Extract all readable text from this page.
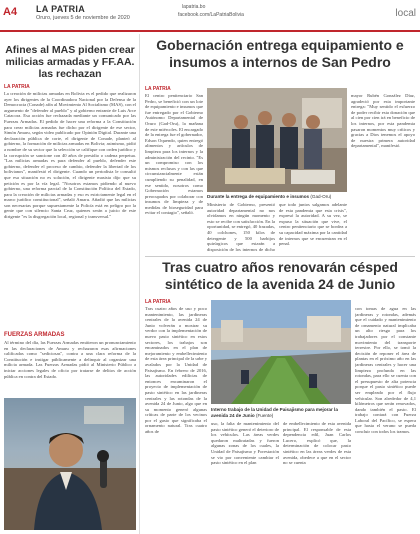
A4 LA PATRIA
Oruro, jueves 5 de noviembre de 2020
lapatria.bo
facebook.com/LaPatriaBolivia	local
Afines al MAS piden crear milicias armadas y FF.AA. las rechazan
LA PATRIA
La creación de milicias armadas en Bolivia es el pedido que realizaron ayer los dirigentes de la Coordinadora Nacional por la Defensa de la Democracia (Conade) afín al Movimiento Al Socialismo (MAS), con el argumento de "defender al pueblo" y al gobierno entrante de Luis Arce Catacora. Esa acción fue rechazada mediante un comunicado por las Fuerzas Armadas. El pedido de hacer una reforma a la Constitución para crear milicias armadas fue dicho por el dirigente de ese sector, Simón Amaru, según video publicado por Opinión Digital. Durante una declaración pública de corte, el dirigente de Conade, planteó al gobierno, la formación de milicias armadas en Bolivia; asimismo, pidió a nombre de su sector que la selección se califique con orden jurídico y la corrupción se sancione con 40 años de presidio o cadena perpetua. "Las milicias armadas es para defender al pueblo, defender este gobierno, defender el proceso de cambio, defender la libertad de los bolivianos", manifestó el dirigente. Cuando un periodista le consultó que esa situación no es solución, el dirigente masista dijo que su petición es por la vía legal. "Nosotros estamos pidiendo al nuevo gobierno, una reforma parcial de la Constitución Política del Estado, para la creación de milicias armadas y eso es estrictamente legal en el marco jurídico constitucional", señaló Amaru. Añadió que las milicias son necesarias porque supuestamente la Policía está en peligro por la gente que con silencio Santa Cruz, quienes serán a juicio de este dirigente "es la disgregación local, regional y transversal."
FUERZAS ARMADAS
Al término del día, las Fuerzas Armadas emitieron un pronunciamiento en las declaraciones de Amaru y rechazaron esas afirmaciones calificadas como "sediciosas", contra a una clara reforma de la Constitución e instigar públicamente a delinquir al organizar una milicia armada. Las Fuerzas Armadas pidió al Ministerio Público a iniciar acciones legales de oficio por tratarse de delitos de acción pública en contra del Estado.
Gobernación entrega equipamiento e insumos a internos de San Pedro
LA PATRIA
El centro penitenciario San Pedro, se benefició con un lote de equipamiento e insumos que fue entregado por el Gobierno Autónomo Departamental de Oruro (Gad-Oru), la mañana de este miércoles. El encargado de la entrega fue el gobernador, Edson Oquendo, quien entregó alimentos y artículos de limpieza para los internos y la administración del recinto. "Es un compromiso con los mismos reclusos y con las que circunstancialmente están cumpliendo su penalidad, en ese sentido, nosotros como Gobernación estamos preocupados por colaborar con insumos de limpieza y de medidas de bioseguridad para evitar el contagio", señaló.
Durante la entrega de equipamiento e insumos (Gad-Oru)
Ministerio de Gobierno, presentó autoridad departamental no nos olvidamos en ningún momento y esto se recibe con satisfacción. En la oportunidad, se entregó, 40 frazadas, 40 colchones, 150 kilos de detergente y 500 barbijos quirúrgicos que estarán a disposición de los internos de dicho
que todo juntos salgamos adelante de esta pandemia que esta crisis", expresó la autoridad. A su vez, se expuso la situación que vive, el centro penitenciario que se bordea a su capacidad máxima por la cantidad de internos que se encuentran en el penal.
mayor Rubén González Díaz, agradeció por esta importante entrega: "Muy sentido el esfuerzo de poder recibir esta donación que al cien por cien irá en beneficio de los internos, por esta pandemia pasaron momentos muy críticos y gracias a Dios tenemos el apoyo de nuestra primera autoridad departamental", manifestó.
Tras cuatro años renovarán césped sintético de la avenida 24 de Junio
LA PATRIA
Tras cuatro años de uso y poco mantenimiento, las jardineras centrales de la avenida 24 de Junio volverán a mostrar su verdor con la implementación de nuevo pasto sintético en estos sectores, los trabajos son encaminados en el plan de mejoramiento y embellecimiento de esta área principal de la urbe y avalados por la Unidad de Paisajismo. En febrero de 2016, las autoridades edilicias de entonces encaminaron el proyecto de implementación de pasto sintético en las jardineras centrales y las rotondas de la avenida 24 de Junio, algo que en su momento generó algunas críticas de parte de los vecinos por el gasto que significaba el ornamento natural. Tras cuatro años de
Interno trabajo de la Unidad de Paisajismo para mejorar la avenida 24 de Junio (Fuente)
uso, la falta de mantenimiento del pasto sintético generó el deterioro de los vehículos. Las áreas verdes quedaron maltratadas y fueron algunas zonas de los cuales, la Unidad de Paisajismo y Forestación se vio por conveniente cambiar el pasto sintético en el plan
de embellecimiento de esta avenida principal. El responsable de esta dependencia edil, Juan Carlos Lucero, explicó que, la determinación de colocar pasto sintético en las áreas verdes de esta avenida, obedece a que en el sector no se cuenta
con tomas de agua en las jardineras y rotondas, además que el cuidado y mantenimiento de ornamento natural implicaba un alto riesgo para los trabajadores por el constante movimiento del transporte terrestre. Por ello, se tomó la decisión de reponer el área de plantas en el próximo año en las jardineras centrales y hacer una limpieza profunda en las rotondas, para ello se cuenta con el presupuesto de alta potencia porque el pasto sintético puede ser empleado por el flujo vehicular. Son alrededor de 4,1 kilómetros que serán renovados, dando también el pasto. El trabajo contará con Fuerza Laboral del Pacífico, se espera que hasta el verano se pueda concluir con todos los tramos.
